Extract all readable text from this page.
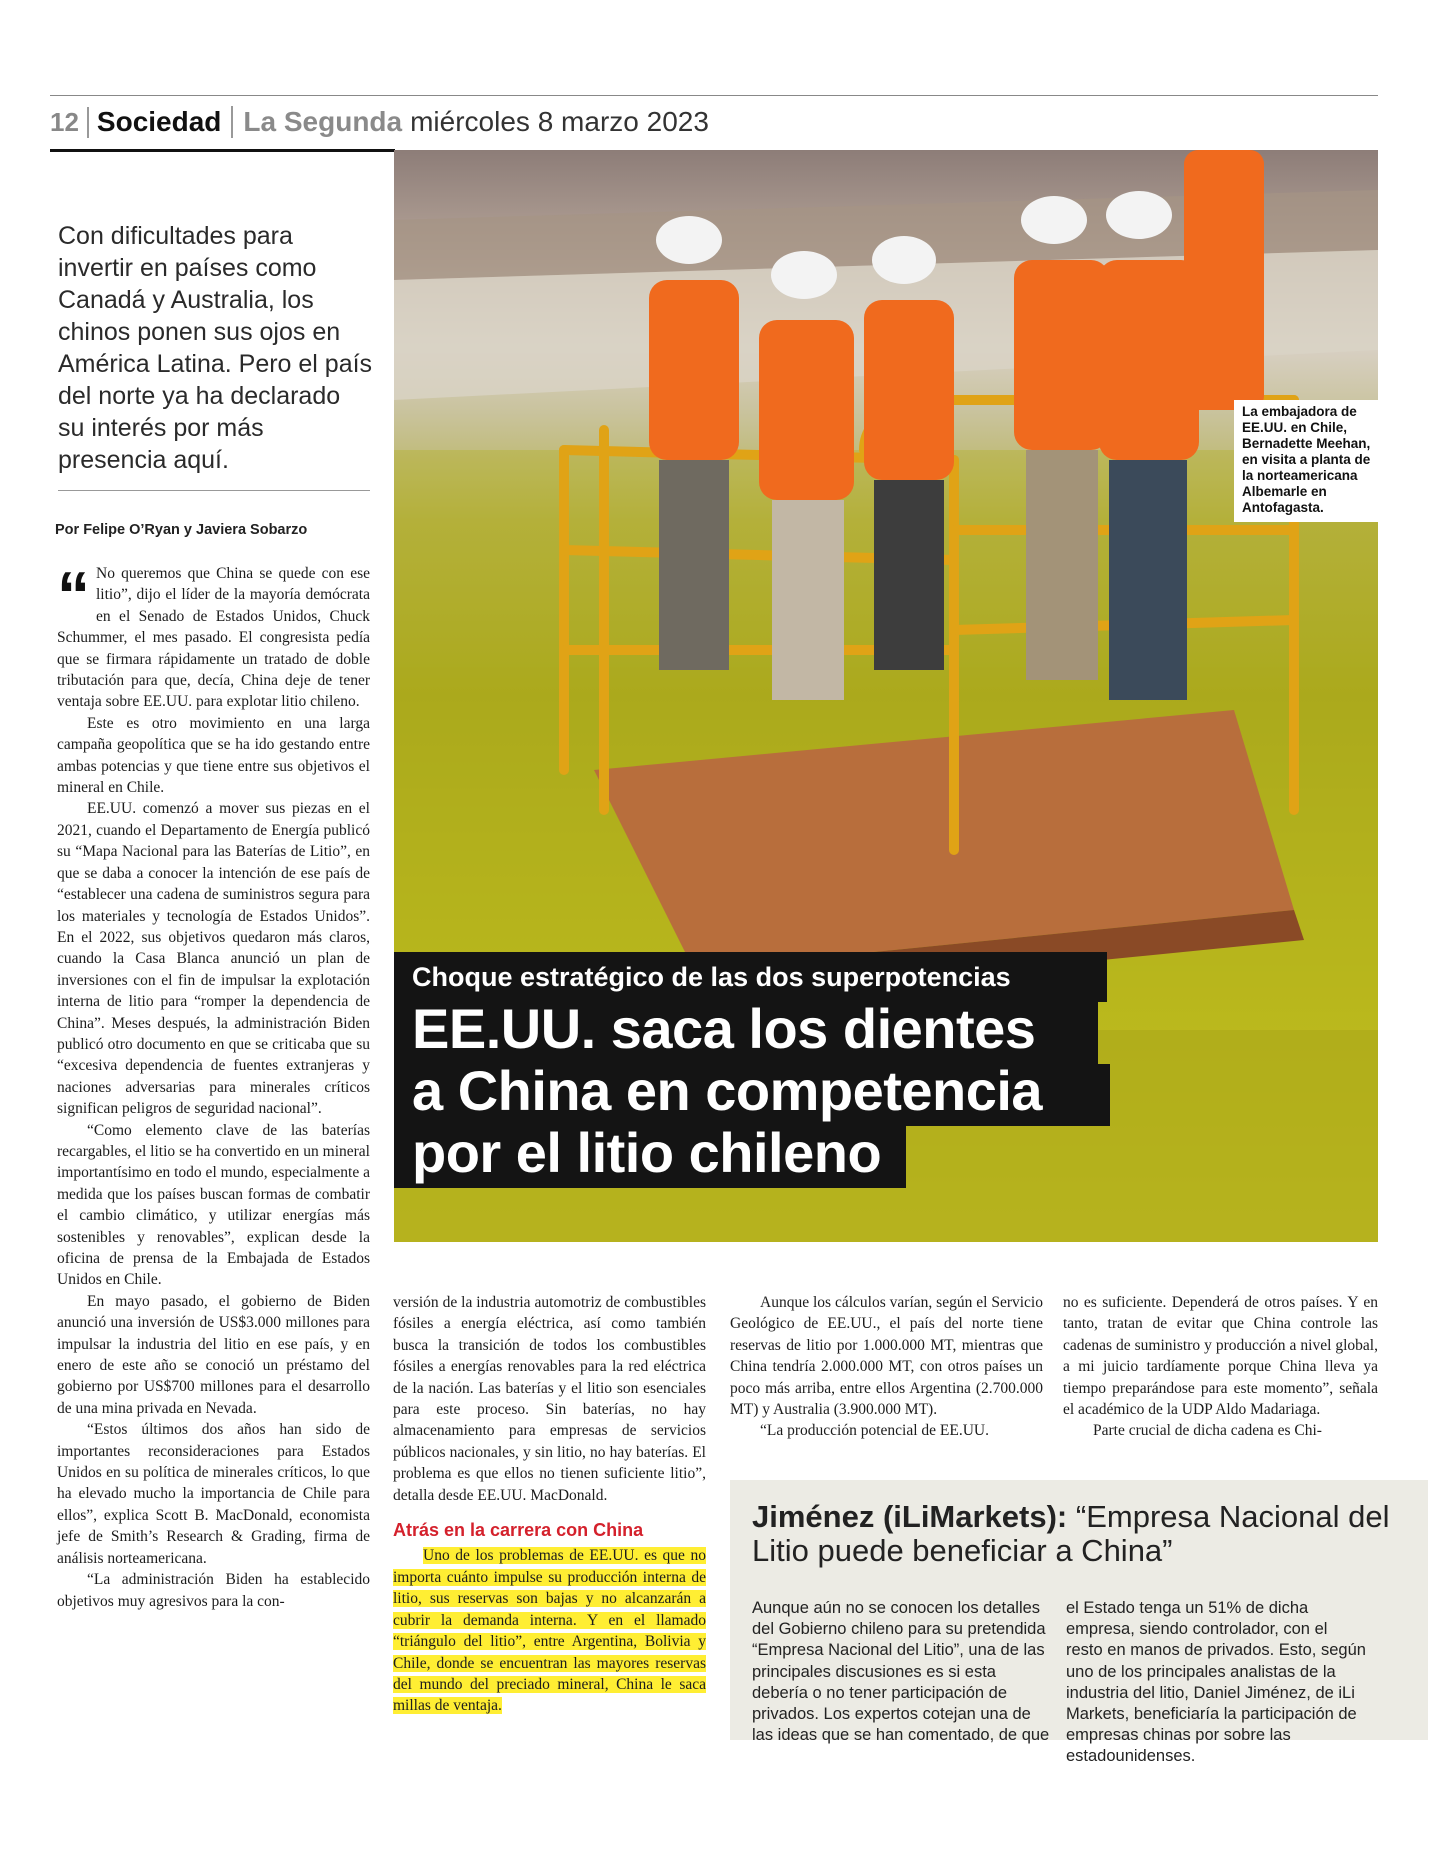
12 Sociedad La Segunda miércoles 8 marzo 2023
La embajadora de EE.UU. en Chile, Bernadette Meehan, en visita a planta de la norteamericana Albemarle en Antofagasta.
Choque estratégico de las dos superpotencias
EE.UU. saca los dientes
a China en competencia
por el litio chileno
Con dificultades para invertir en países como Canadá y Australia, los chinos ponen sus ojos en América Latina. Pero el país del norte ya ha declarado su interés por más presencia aquí.
Por Felipe O’Ryan y Javiera Sobarzo
“ No queremos que China se quede con ese litio”, dijo el líder de la mayoría demócrata en el Senado de Estados Unidos, Chuck Schummer, el mes pasado. El congresista pedía que se firmara rápidamente un tratado de doble tributación para que, decía, China deje de tener ventaja sobre EE.UU. para explotar litio chileno.

Este es otro movimiento en una larga campaña geopolítica que se ha ido gestando entre ambas potencias y que tiene entre sus objetivos el mineral en Chile.

EE.UU. comenzó a mover sus piezas en el 2021, cuando el Departamento de Energía publicó su “Mapa Nacional para las Baterías de Litio”, en que se daba a conocer la intención de ese país de “establecer una cadena de suministros segura para los materiales y tecnología de Estados Unidos”. En el 2022, sus objetivos quedaron más claros, cuando la Casa Blanca anunció un plan de inversiones con el fin de impulsar la explotación interna de litio para “romper la dependencia de China”. Meses después, la administración Biden publicó otro documento en que se criticaba que su “excesiva dependencia de fuentes extranjeras y naciones adversarias para minerales críticos significan peligros de seguridad nacional”.

“Como elemento clave de las baterías recargables, el litio se ha convertido en un mineral importantísimo en todo el mundo, especialmente a medida que los países buscan formas de combatir el cambio climático, y utilizar energías más sostenibles y renovables”, explican desde la oficina de prensa de la Embajada de Estados Unidos en Chile.

En mayo pasado, el gobierno de Biden anunció una inversión de US$3.000 millones para impulsar la industria del litio en ese país, y en enero de este año se conoció un préstamo del gobierno por US$700 millones para el desarrollo de una mina privada en Nevada.

“Estos últimos dos años han sido de importantes reconsideraciones para Estados Unidos en su política de minerales críticos, lo que ha elevado mucho la importancia de Chile para ellos”, explica Scott B. MacDonald, economista jefe de Smith’s Research & Grading, firma de análisis norteamericana.

“La administración Biden ha establecido objetivos muy agresivos para la con-

versión de la industria automotriz de combustibles fósiles a energía eléctrica, así como también busca la transición de todos los combustibles fósiles a energías renovables para la red eléctrica de la nación. Las baterías y el litio son esenciales para este proceso. Sin baterías, no hay almacenamiento para empresas de servicios públicos nacionales, y sin litio, no hay baterías. El problema es que ellos no tienen suficiente litio”, detalla desde EE.UU. MacDonald.

Atrás en la carrera con China

Uno de los problemas de EE.UU. es que no importa cuánto impulse su producción interna de litio, sus reservas son bajas y no alcanzarán a cubrir la demanda interna. Y en el llamado “triángulo del litio”, entre Argentina, Bolivia y Chile, donde se encuentran las mayores reservas del mundo del preciado mineral, China le saca millas de ventaja.

Aunque los cálculos varían, según el Servicio Geológico de EE.UU., el país del norte tiene reservas de litio por 1.000.000 MT, mientras que China tendría 2.000.000 MT, con otros países un poco más arriba, entre ellos Argentina (2.700.000 MT) y Australia (3.900.000 MT).

“La producción potencial de EE.UU.

no es suficiente. Dependerá de otros países. Y en tanto, tratan de evitar que China controle las cadenas de suministro y producción a nivel global, a mi juicio tardíamente porque China lleva ya tiempo preparándose para este momento”, señala el académico de la UDP Aldo Madariaga.

Parte crucial de dicha cadena es Chi-

Jiménez (iLiMarkets): “Empresa Nacional del Litio puede beneficiar a China”
Aunque aún no se conocen los detalles del Gobierno chileno para su pretendida “Empresa Nacional del Litio”, una de las principales discusiones es si esta debería o no tener participación de privados. Los expertos cotejan una de las ideas que se han comentado, de que
el Estado tenga un 51% de dicha empresa, siendo controlador, con el resto en manos de privados. Esto, según uno de los principales analistas de la industria del litio, Daniel Jiménez, de iLi Markets, beneficiaría la participación de empresas chinas por sobre las estadounidenses.
